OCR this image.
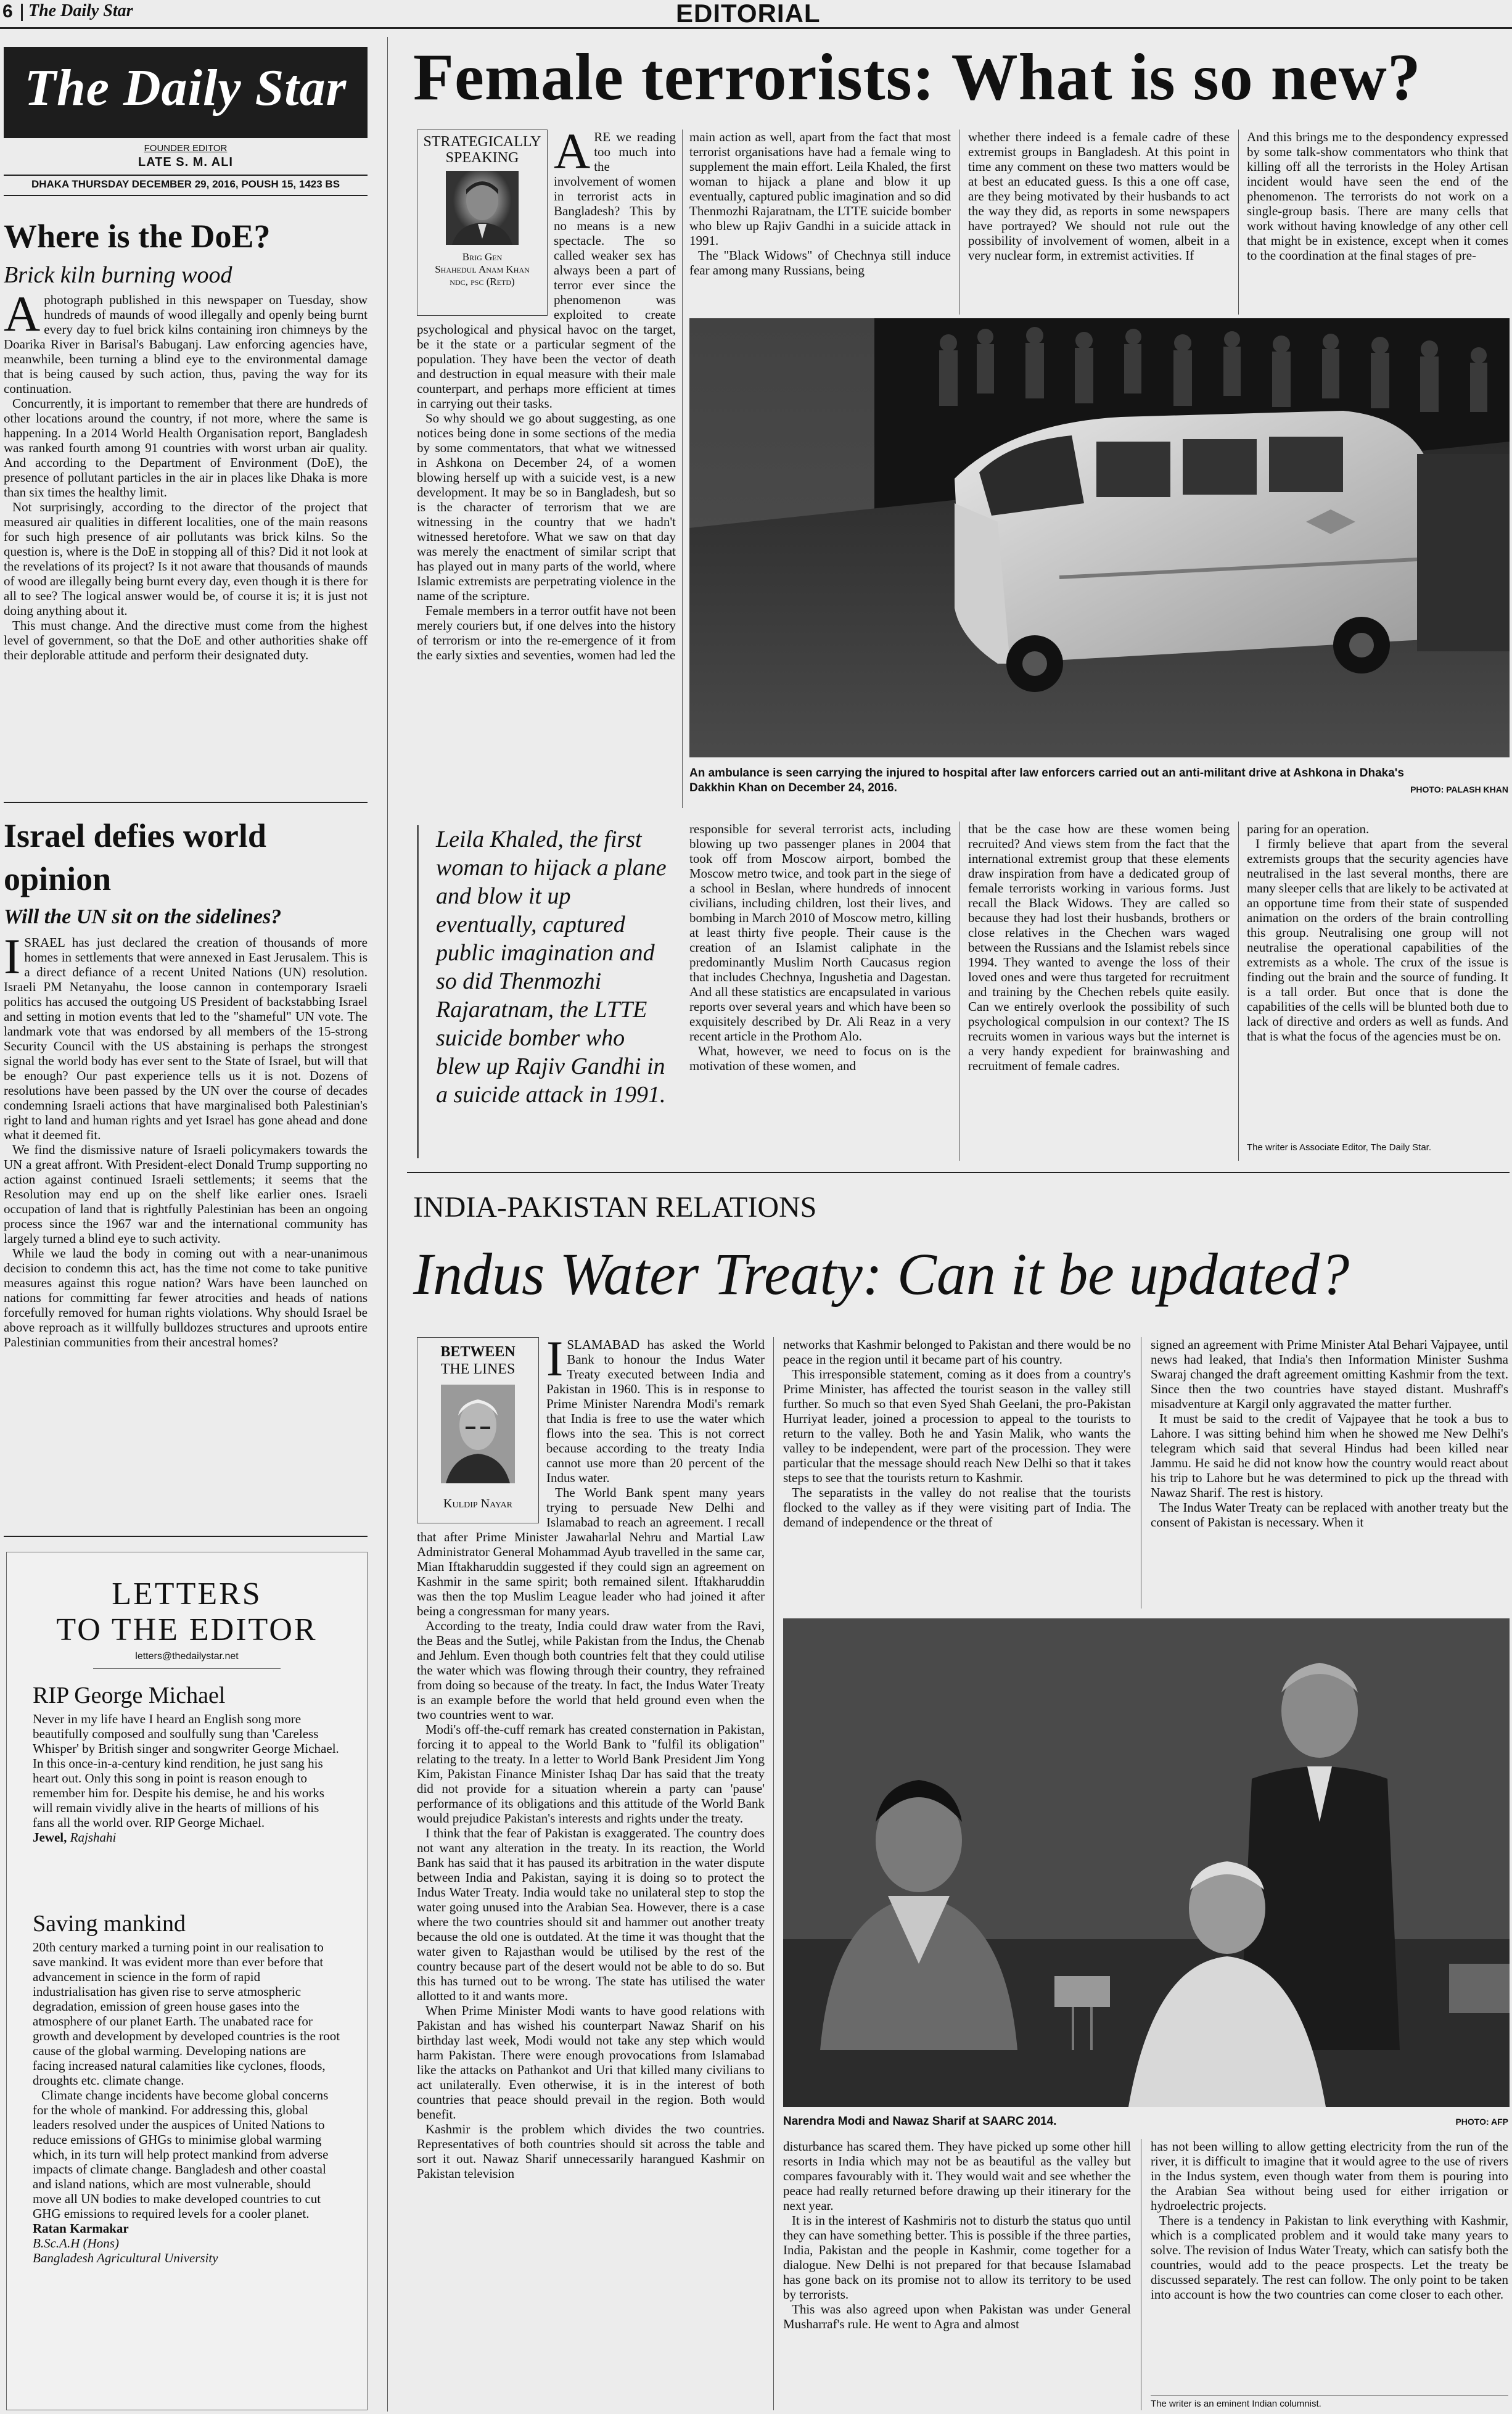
6 The Daily Star	EDITORIAL
The Daily Star
FOUNDER EDITOR
LATE S. M. ALI
DHAKA THURSDAY DECEMBER 29, 2016, POUSH 15, 1423 BS
Where is the DoE?
Brick kiln burning wood
A photograph published in this newspaper on Tuesday, show hundreds of maunds of wood illegally and openly being burnt every day to fuel brick kilns containing iron chimneys by the Doarika River in Barisal's Babuganj. Law enforcing agencies have, meanwhile, been turning a blind eye to the environmental damage that is being caused by such action, thus, paving the way for its continuation.

Concurrently, it is important to remember that there are hundreds of other locations around the country, if not more, where the same is happening. In a 2014 World Health Organisation report, Bangladesh was ranked fourth among 91 countries with worst urban air quality. And according to the Department of Environment (DoE), the presence of pollutant particles in the air in places like Dhaka is more than six times the healthy limit.

Not surprisingly, according to the director of the project that measured air qualities in different localities, one of the main reasons for such high presence of air pollutants was brick kilns. So the question is, where is the DoE in stopping all of this? Did it not look at the revelations of its project? Is it not aware that thousands of maunds of wood are illegally being burnt every day, even though it is there for all to see? The logical answer would be, of course it is; it is just not doing anything about it.

This must change. And the directive must come from the highest level of government, so that the DoE and other authorities shake off their deplorable attitude and perform their designated duty.

Israel defies world opinion
Will the UN sit on the sidelines?
I SRAEL has just declared the creation of thousands of more homes in settlements that were annexed in East Jerusalem. This is a direct defiance of a recent United Nations (UN) resolution. Israeli PM Netanyahu, the loose cannon in contemporary Israeli politics has accused the outgoing US President of backstabbing Israel and setting in motion events that led to the "shameful" UN vote. The landmark vote that was endorsed by all members of the 15-strong Security Council with the US abstaining is perhaps the strongest signal the world body has ever sent to the State of Israel, but will that be enough? Our past experience tells us it is not. Dozens of resolutions have been passed by the UN over the course of decades condemning Israeli actions that have marginalised both Palestinian's right to land and human rights and yet Israel has gone ahead and done what it deemed fit.

We find the dismissive nature of Israeli policymakers towards the UN a great affront. With President-elect Donald Trump supporting no action against continued Israeli settlements; it seems that the Resolution may end up on the shelf like earlier ones. Israeli occupation of land that is rightfully Palestinian has been an ongoing process since the 1967 war and the international community has largely turned a blind eye to such activity.

While we laud the body in coming out with a near-unanimous decision to condemn this act, has the time not come to take punitive measures against this rogue nation? Wars have been launched on nations for committing far fewer atrocities and heads of nations forcefully removed for human rights violations. Why should Israel be above reproach as it willfully bulldozes structures and uproots entire Palestinian communities from their ancestral homes?

LETTERS
TO THE EDITOR
letters@thedailystar.net
RIP George Michael

Never in my life have I heard an English song more beautifully composed and soulfully sung than 'Careless Whisper' by British singer and songwriter George Michael. In this once-in-a-century kind rendition, he just sang his heart out. Only this song in point is reason enough to remember him for. Despite his demise, he and his works will remain vividly alive in the hearts of millions of his fans all the world over. RIP George Michael.

Jewel, Rajshahi
Saving mankind

20th century marked a turning point in our realisation to save mankind. It was evident more than ever before that advancement in science in the form of rapid industrialisation has given rise to serve atmospheric degradation, emission of green house gases into the atmosphere of our planet Earth. The unabated race for growth and development by developed countries is the root cause of the global warming. Developing nations are facing increased natural calamities like cyclones, floods, droughts etc. climate change.

Climate change incidents have become global concerns for the whole of mankind. For addressing this, global leaders resolved under the auspices of United Nations to reduce emissions of GHGs to minimise global warming which, in its turn will help protect mankind from adverse impacts of climate change. Bangladesh and other coastal and island nations, which are most vulnerable, should move all UN bodies to make developed countries to cut GHG emissions to required levels for a cooler planet.

Ratan Karmakar
B.Sc.A.H (Hons)
Bangladesh Agricultural University
Female terrorists: What is so new?
STRATEGICALLY
SPEAKING
Brig Gen
Shahedul Anam Khan
ndc, psc (Retd)
A RE we reading too much into the involvement of women in terrorist acts in Bangladesh? This by no means is a new spectacle. The so called weaker sex has always been a part of terror ever since the phenomenon was exploited to create psychological and physical havoc on the target, be it the state or a particular segment of the population. They have been the vector of death and destruction in equal measure with their male counterpart, and perhaps more efficient at times in carrying out their tasks.

So why should we go about suggesting, as one notices being done in some sections of the media by some commentators, that what we witnessed in Ashkona on December 24, of a women blowing herself up with a suicide vest, is a new development. It may be so in Bangladesh, but so is the character of terrorism that we are witnessing in the country that we hadn't witnessed heretofore. What we saw on that day was merely the enactment of similar script that has played out in many parts of the world, where Islamic extremists are perpetrating violence in the name of the scripture.

Female members in a terror outfit have not been merely couriers but, if one delves into the history of terrorism or into the re-emergence of it from the early sixties and seventies, women had led the

main action as well, apart from the fact that most terrorist organisations have had a female wing to supplement the main effort. Leila Khaled, the first woman to hijack a plane and blow it up eventually, captured public imagination and so did Thenmozhi Rajaratnam, the LTTE suicide bomber who blew up Rajiv Gandhi in a suicide attack in 1991.

The "Black Widows" of Chechnya still induce fear among many Russians, being

whether there indeed is a female cadre of these extremist groups in Bangladesh. At this point in time any comment on these two matters would be at best an educated guess. Is this a one off case, are they being motivated by their husbands to act the way they did, as reports in some newspapers have portrayed? We should not rule out the possibility of involvement of women, albeit in a very nuclear form, in extremist activities. If

And this brings me to the despondency expressed by some talk-show commentators who think that killing off all the terrorists in the Holey Artisan incident would have seen the end of the phenomenon. The terrorists do not work on a single-group basis. There are many cells that work without having knowledge of any other cell that might be in existence, except when it comes to the coordination at the final stages of pre-

An ambulance is seen carrying the injured to hospital after law enforcers carried out an anti-militant drive at Ashkona in Dhaka's Dakkhin Khan on December 24, 2016.	PHOTO: PALASH KHAN
Leila Khaled, the first woman to hijack a plane and blow it up eventually, captured public imagination and so did Thenmozhi Rajaratnam, the LTTE suicide bomber who blew up Rajiv Gandhi in a suicide attack in 1991.

responsible for several terrorist acts, including blowing up two passenger planes in 2004 that took off from Moscow airport, bombed the Moscow metro twice, and took part in the siege of a school in Beslan, where hundreds of innocent civilians, including children, lost their lives, and bombing in March 2010 of Moscow metro, killing at least thirty five people. Their cause is the creation of an Islamist caliphate in the predominantly Muslim North Caucasus region that includes Chechnya, Ingushetia and Dagestan. And all these statistics are encapsulated in various reports over several years and which have been so exquisitely described by Dr. Ali Reaz in a very recent article in the Prothom Alo.

What, however, we need to focus on is the motivation of these women, and

that be the case how are these women being recruited? And views stem from the fact that the international extremist group that these elements draw inspiration from have a dedicated group of female terrorists working in various forms. Just recall the Black Widows. They are called so because they had lost their husbands, brothers or close relatives in the Chechen wars waged between the Russians and the Islamist rebels since 1994. They wanted to avenge the loss of their loved ones and were thus targeted for recruitment and training by the Chechen rebels quite easily. Can we entirely overlook the possibility of such psychological compulsion in our context? The IS recruits women in various ways but the internet is a very handy expedient for brainwashing and recruitment of female cadres.

paring for an operation.

I firmly believe that apart from the several extremists groups that the security agencies have neutralised in the last several months, there are many sleeper cells that are likely to be activated at an opportune time from their state of suspended animation on the orders of the brain controlling this group. Neutralising one group will not neutralise the operational capabilities of the extremists as a whole. The crux of the issue is finding out the brain and the source of funding. It is a tall order. But once that is done the capabilities of the cells will be blunted both due to lack of directive and orders as well as funds. And that is what the focus of the agencies must be on.

The writer is Associate Editor, The Daily Star.
INDIA-PAKISTAN RELATIONS
Indus Water Treaty: Can it be updated?
BETWEEN
THE LINES
Kuldip Nayar
I SLAMABAD has asked the World Bank to honour the Indus Water Treaty executed between India and Pakistan in 1960. This is in response to Prime Minister Narendra Modi's remark that India is free to use the water which flows into the sea. This is not correct because according to the treaty India cannot use more than 20 percent of the Indus water.

The World Bank spent many years trying to persuade New Delhi and Islamabad to reach an agreement. I recall that after Prime Minister Jawaharlal Nehru and Martial Law Administrator General Mohammad Ayub travelled in the same car, Mian Iftakharuddin suggested if they could sign an agreement on Kashmir in the same spirit; both remained silent. Iftakharuddin was then the top Muslim League leader who had joined it after being a congressman for many years.

According to the treaty, India could draw water from the Ravi, the Beas and the Sutlej, while Pakistan from the Indus, the Chenab and Jehlum. Even though both countries felt that they could utilise the water which was flowing through their country, they refrained from doing so because of the treaty. In fact, the Indus Water Treaty is an example before the world that held ground even when the two countries went to war.

Modi's off-the-cuff remark has created consternation in Pakistan, forcing it to appeal to the World Bank to "fulfil its obligation" relating to the treaty. In a letter to World Bank President Jim Yong Kim, Pakistan Finance Minister Ishaq Dar has said that the treaty did not provide for a situation wherein a party can 'pause' performance of its obligations and this attitude of the World Bank would prejudice Pakistan's interests and rights under the treaty.

I think that the fear of Pakistan is exaggerated. The country does not want any alteration in the treaty. In its reaction, the World Bank has said that it has paused its arbitration in the water dispute between India and Pakistan, saying it is doing so to protect the Indus Water Treaty. India would take no unilateral step to stop the water going unused into the Arabian Sea. However, there is a case where the two countries should sit and hammer out another treaty because the old one is outdated. At the time it was thought that the water given to Rajasthan would be utilised by the rest of the country because part of the desert would not be able to do so. But this has turned out to be wrong. The state has utilised the water allotted to it and wants more.

When Prime Minister Modi wants to have good relations with Pakistan and has wished his counterpart Nawaz Sharif on his birthday last week, Modi would not take any step which would harm Pakistan. There were enough provocations from Islamabad like the attacks on Pathankot and Uri that killed many civilians to act unilaterally. Even otherwise, it is in the interest of both countries that peace should prevail in the region. Both would benefit.

Kashmir is the problem which divides the two countries. Representatives of both countries should sit across the table and sort it out. Nawaz Sharif unnecessarily harangued Kashmir on Pakistan television

networks that Kashmir belonged to Pakistan and there would be no peace in the region until it became part of his country.

This irresponsible statement, coming as it does from a country's Prime Minister, has affected the tourist season in the valley still further. So much so that even Syed Shah Geelani, the pro-Pakistan Hurriyat leader, joined a procession to appeal to the tourists to return to the valley. Both he and Yasin Malik, who wants the valley to be independent, were part of the procession. They were particular that the message should reach New Delhi so that it takes steps to see that the tourists return to Kashmir.

The separatists in the valley do not realise that the tourists flocked to the valley as if they were visiting part of India. The demand of independence or the threat of

signed an agreement with Prime Minister Atal Behari Vajpayee, until news had leaked, that India's then Information Minister Sushma Swaraj changed the draft agreement omitting Kashmir from the text. Since then the two countries have stayed distant. Mushraff's misadventure at Kargil only aggravated the matter further.

It must be said to the credit of Vajpayee that he took a bus to Lahore. I was sitting behind him when he showed me New Delhi's telegram which said that several Hindus had been killed near Jammu. He said he did not know how the country would react about his trip to Lahore but he was determined to pick up the thread with Nawaz Sharif. The rest is history.

The Indus Water Treaty can be replaced with another treaty but the consent of Pakistan is necessary. When it

Narendra Modi and Nawaz Sharif at SAARC 2014.	PHOTO: AFP

disturbance has scared them. They have picked up some other hill resorts in India which may not be as beautiful as the valley but compares favourably with it. They would wait and see whether the peace had really returned before drawing up their itinerary for the next year.

It is in the interest of Kashmiris not to disturb the status quo until they can have something better. This is possible if the three parties, India, Pakistan and the people in Kashmir, come together for a dialogue. New Delhi is not prepared for that because Islamabad has gone back on its promise not to allow its territory to be used by terrorists.

This was also agreed upon when Pakistan was under General Musharraf's rule. He went to Agra and almost

has not been willing to allow getting electricity from the run of the river, it is difficult to imagine that it would agree to the use of rivers in the Indus system, even though water from them is pouring into the Arabian Sea without being used for either irrigation or hydroelectric projects.

There is a tendency in Pakistan to link everything with Kashmir, which is a complicated problem and it would take many years to solve. The revision of Indus Water Treaty, which can satisfy both the countries, would add to the peace prospects. Let the treaty be discussed separately. The rest can follow. The only point to be taken into account is how the two countries can come closer to each other.

The writer is an eminent Indian columnist.
